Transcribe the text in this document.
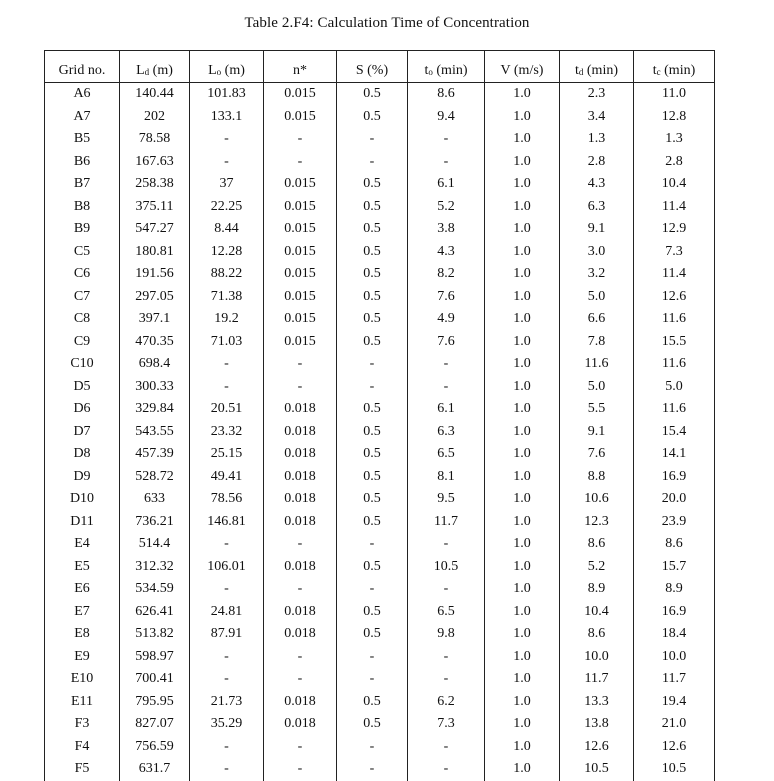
Table 2.F4: Calculation Time of Concentration
Grid no.	$L_d$ (m)	$L_o$ (m)	n*	S (%)	$t_o$ (min)	V (m/s)	$t_d$ (min)	$t_c$ (min)
A6	140.44	101.83	0.015	0.5	8.6	1.0	2.3	11.0
A7	202	133.1	0.015	0.5	9.4	1.0	3.4	12.8
B5	78.58	-	-	-	-	1.0	1.3	1.3
B6	167.63	-	-	-	-	1.0	2.8	2.8
B7	258.38	37	0.015	0.5	6.1	1.0	4.3	10.4
B8	375.11	22.25	0.015	0.5	5.2	1.0	6.3	11.4
B9	547.27	8.44	0.015	0.5	3.8	1.0	9.1	12.9
C5	180.81	12.28	0.015	0.5	4.3	1.0	3.0	7.3
C6	191.56	88.22	0.015	0.5	8.2	1.0	3.2	11.4
C7	297.05	71.38	0.015	0.5	7.6	1.0	5.0	12.6
C8	397.1	19.2	0.015	0.5	4.9	1.0	6.6	11.6
C9	470.35	71.03	0.015	0.5	7.6	1.0	7.8	15.5
C10	698.4	-	-	-	-	1.0	11.6	11.6
D5	300.33	-	-	-	-	1.0	5.0	5.0
D6	329.84	20.51	0.018	0.5	6.1	1.0	5.5	11.6
D7	543.55	23.32	0.018	0.5	6.3	1.0	9.1	15.4
D8	457.39	25.15	0.018	0.5	6.5	1.0	7.6	14.1
D9	528.72	49.41	0.018	0.5	8.1	1.0	8.8	16.9
D10	633	78.56	0.018	0.5	9.5	1.0	10.6	20.0
D11	736.21	146.81	0.018	0.5	11.7	1.0	12.3	23.9
E4	514.4	-	-	-	-	1.0	8.6	8.6
E5	312.32	106.01	0.018	0.5	10.5	1.0	5.2	15.7
E6	534.59	-	-	-	-	1.0	8.9	8.9
E7	626.41	24.81	0.018	0.5	6.5	1.0	10.4	16.9
E8	513.82	87.91	0.018	0.5	9.8	1.0	8.6	18.4
E9	598.97	-	-	-	-	1.0	10.0	10.0
E10	700.41	-	-	-	-	1.0	11.7	11.7
E11	795.95	21.73	0.018	0.5	6.2	1.0	13.3	19.4
F3	827.07	35.29	0.018	0.5	7.3	1.0	13.8	21.0
F4	756.59	-	-	-	-	1.0	12.6	12.6
F5	631.7	-	-	-	-	1.0	10.5	10.5
